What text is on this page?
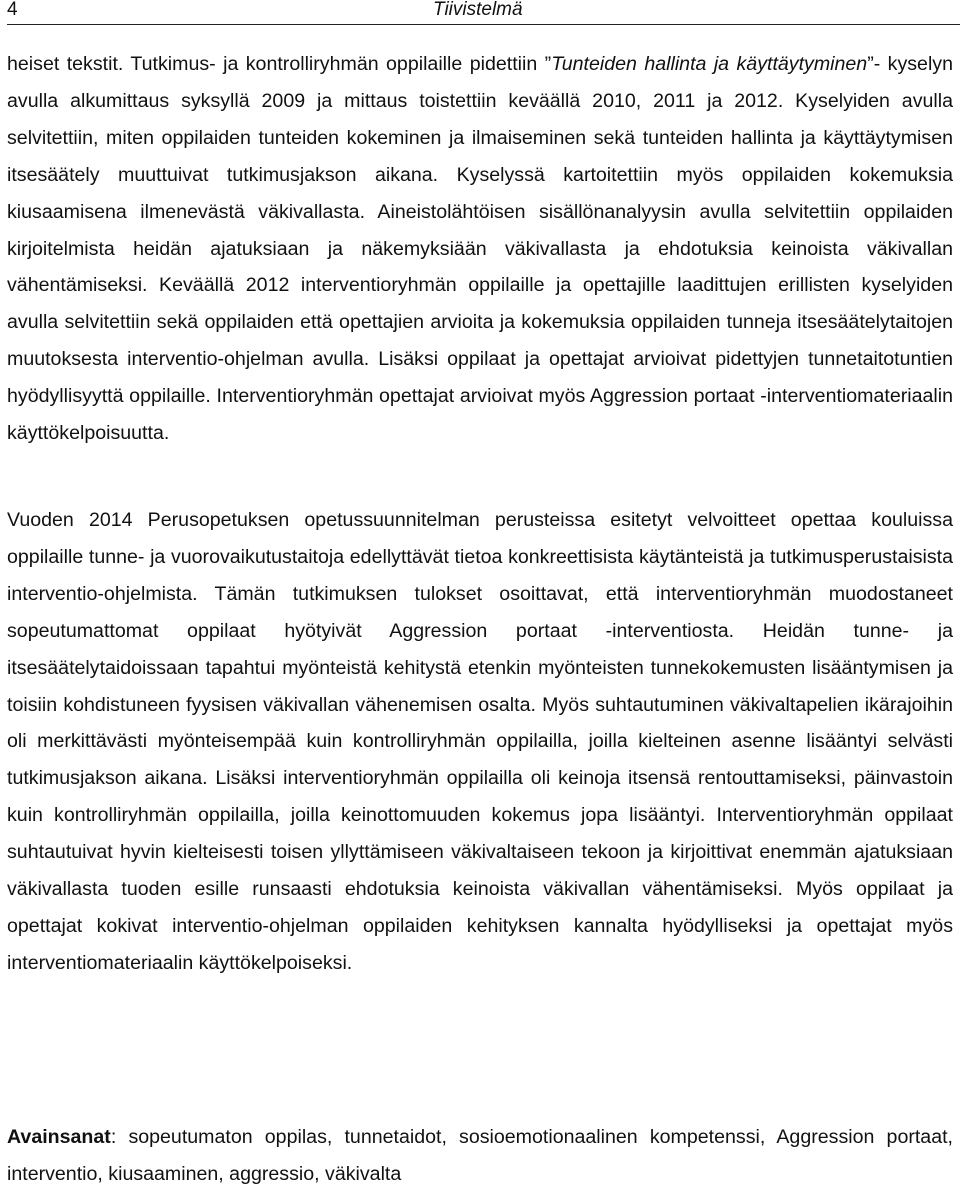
4	Tiivistelmä

heiset tekstit. Tutkimus- ja kontrolliryhmän oppilaille pidettiin ”Tunteiden hallinta ja käyttäytyminen”- kyselyn avulla alkumittaus syksyllä 2009 ja mittaus toistettiin keväällä 2010, 2011 ja 2012. Kyselyiden avulla selvitettiin, miten oppilaiden tunteiden kokeminen ja ilmaiseminen sekä tunteiden hallinta ja käyttäytymisen itsesäätely muuttuivat tutkimusjakson aikana. Kyselyssä kartoitettiin myös oppilaiden kokemuksia kiusaamisena ilmenevästä väkivallasta. Aineistolähtöisen sisällönanalyysin avulla selvitettiin oppilaiden kirjoitelmista heidän ajatuksiaan ja näkemyksiään väkivallasta ja ehdotuksia keinoista väkivallan vähentämiseksi. Keväällä 2012 interventioryhmän oppilaille ja opettajille laadittujen erillisten kyselyiden avulla selvitettiin sekä oppilaiden että opettajien arvioita ja kokemuksia oppilaiden tunneja itsesäätelytaitojen muutoksesta interventio-ohjelman avulla. Lisäksi oppilaat ja opettajat arvioivat pidettyjen tunnetaitotuntien hyödyllisyyttä oppilaille. Interventioryhmän opettajat arvioivat myös Aggression portaat -interventiomateriaalin käyttökelpoisuutta.

Vuoden 2014 Perusopetuksen opetussuunnitelman perusteissa esitetyt velvoitteet opettaa kouluissa oppilaille tunne- ja vuorovaikutustaitoja edellyttävät tietoa konkreettisista käytänteistä ja tutkimusperustaisista interventio-ohjelmista. Tämän tutkimuksen tulokset osoittavat, että interventioryhmän muodostaneet sopeutumattomat oppilaat hyötyivät Aggression portaat -interventiosta. Heidän tunne- ja itsesäätelytaidoissaan tapahtui myönteistä kehitystä etenkin myönteisten tunnekokemusten lisääntymisen ja toisiin kohdistuneen fyysisen väkivallan vähenemisen osalta. Myös suhtautuminen väkivaltapelien ikärajoihin oli merkittävästi myönteisempää kuin kontrolliryhmän oppilailla, joilla kielteinen asenne lisääntyi selvästi tutkimusjakson aikana. Lisäksi interventioryhmän oppilailla oli keinoja itsensä rentouttamiseksi, päinvastoin kuin kontrolliryhmän oppilailla, joilla keinottomuuden kokemus jopa lisääntyi. Interventioryhmän oppilaat suhtautuivat hyvin kielteisesti toisen yllyttämiseen väkivaltaiseen tekoon ja kirjoittivat enemmän ajatuksiaan väkivallasta tuoden esille runsaasti ehdotuksia keinoista väkivallan vähentämiseksi. Myös oppilaat ja opettajat kokivat interventio-ohjelman oppilaiden kehityksen kannalta hyödylliseksi ja opettajat myös interventiomateriaalin käyttökelpoiseksi.

Avainsanat: sopeutumaton oppilas, tunnetaidot, sosioemotionaalinen kompetenssi, Aggression portaat, interventio, kiusaaminen, aggressio, väkivalta
